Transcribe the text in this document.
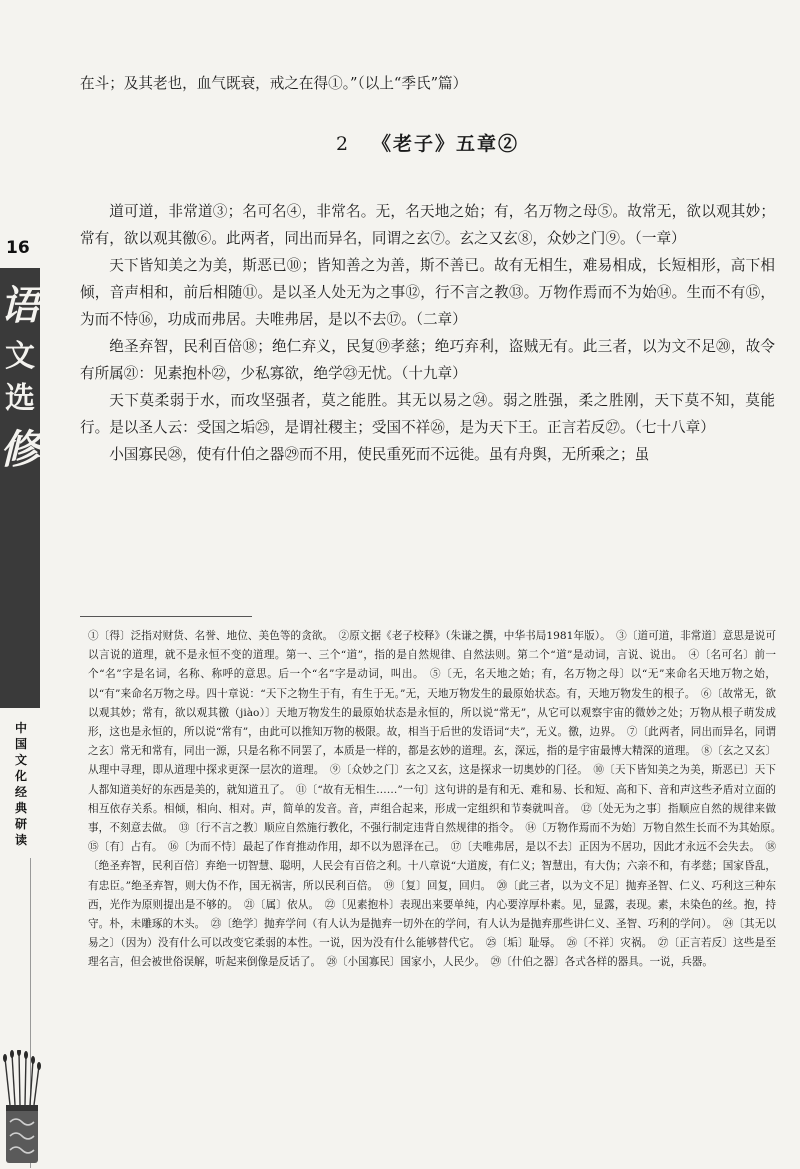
16
语
文
选
修
中
国
文
化
经
典
研
读

在斗；及其老也，血气既衰，戒之在得①。”（以上“季氏”篇）

2 《老子》五章②

道可道，非常道③；名可名④，非常名。无，名天地之始；有，名万物之母⑤。故常无，欲以观其妙；常有，欲以观其徼⑥。此两者，同出而异名，同谓之玄⑦。玄之又玄⑧，众妙之门⑨。（一章）

天下皆知美之为美，斯恶已⑩；皆知善之为善，斯不善已。故有无相生，难易相成，长短相形，高下相倾，音声相和，前后相随⑪。是以圣人处无为之事⑫，行不言之教⑬。万物作焉而不为始⑭。生而不有⑮，为而不恃⑯，功成而弗居。夫唯弗居，是以不去⑰。（二章）

绝圣弃智，民利百倍⑱；绝仁弃义，民复⑲孝慈；绝巧弃利，盗贼无有。此三者，以为文不足⑳，故令有所属㉑：见素抱朴㉒，少私寡欲，绝学㉓无忧。（十九章）

天下莫柔弱于水，而攻坚强者，莫之能胜。其无以易之㉔。弱之胜强，柔之胜刚，天下莫不知，莫能行。是以圣人云：受国之垢㉕，是谓社稷主；受国不祥㉖，是为天下王。正言若反㉗。（七十八章）

小国寡民㉘，使有什伯之器㉙而不用，使民重死而不远徙。虽有舟舆，无所乘之；虽

①〔得〕泛指对财货、名誉、地位、美色等的贪欲。　②原文据《老子校释》（朱谦之撰，中华书局1981年版）。　③〔道可道，非常道〕意思是说可以言说的道理，就不是永恒不变的道理。第一、三个“道”，指的是自然规律、自然法则。第二个“道”是动词，言说、说出。　④〔名可名〕前一个“名”字是名词，名称、称呼的意思。后一个“名”字是动词，叫出。　⑤〔无，名天地之始；有，名万物之母〕以“无”来命名天地万物之始，以“有”来命名万物之母。四十章说：“天下之物生于有，有生于无。”无，天地万物发生的最原始状态。有，天地万物发生的根子。　⑥〔故常无，欲以观其妙；常有，欲以观其徼（jiào）〕天地万物发生的最原始状态是永恒的，所以说“常无”，从它可以观察宇宙的微妙之处；万物从根子萌发成形，这也是永恒的，所以说“常有”，由此可以推知万物的极限。故，相当于后世的发语词“夫”，无义。徼，边界。　⑦〔此两者，同出而异名，同谓之玄〕常无和常有，同出一源，只是名称不同罢了，本质是一样的，都是玄妙的道理。玄，深远，指的是宇宙最博大精深的道理。　⑧〔玄之又玄〕从理中寻理，即从道理中探求更深一层次的道理。　⑨〔众妙之门〕玄之又玄，这是探求一切奥妙的门径。　⑩〔天下皆知美之为美，斯恶已〕天下人都知道美好的东西是美的，就知道丑了。　⑪〔“故有无相生……”一句〕这句讲的是有和无、难和易、长和短、高和下、音和声这些矛盾对立面的相互依存关系。相倾，相向、相对。声，简单的发音。音，声组合起来，形成一定组织和节奏就叫音。　⑫〔处无为之事〕指顺应自然的规律来做事，不刻意去做。　⑬〔行不言之教〕顺应自然施行教化，不强行制定违背自然规律的指令。　⑭〔万物作焉而不为始〕万物自然生长而不为其始原。　⑮〔有〕占有。　⑯〔为而不恃〕最起了作育推动作用，却不以为恩泽在己。　⑰〔夫唯弗居，是以不去〕正因为不居功，因此才永远不会失去。　⑱〔绝圣弃智，民利百倍〕弃绝一切智慧、聪明，人民会有百倍之利。十八章说“大道废，有仁义；智慧出，有大伪；六亲不和，有孝慈；国家昏乱，有忠臣。”绝圣弃智，则大伪不作，国无祸害，所以民利百倍。　⑲〔复〕回复，回归。　⑳〔此三者，以为文不足〕抛弃圣智、仁义、巧利这三种东西，光作为原则提出是不够的。　㉑〔属〕依从。　㉒〔见素抱朴〕表现出来要单纯，内心要淳厚朴素。见，显露，表现。素，未染色的丝。抱，持守。朴，未雕琢的木头。　㉓〔绝学〕抛弃学问（有人认为是抛弃一切外在的学问，有人认为是抛弃那些讲仁义、圣智、巧利的学问）。　㉔〔其无以易之〕（因为）没有什么可以改变它柔弱的本性。一说，因为没有什么能够替代它。　㉕〔垢〕耻辱。　㉖〔不祥〕灾祸。　㉗〔正言若反〕这些是至理名言，但会被世俗误解，听起来倒像是反话了。　㉘〔小国寡民〕国家小，人民少。　㉙〔什伯之器〕各式各样的器具。一说，兵器。
